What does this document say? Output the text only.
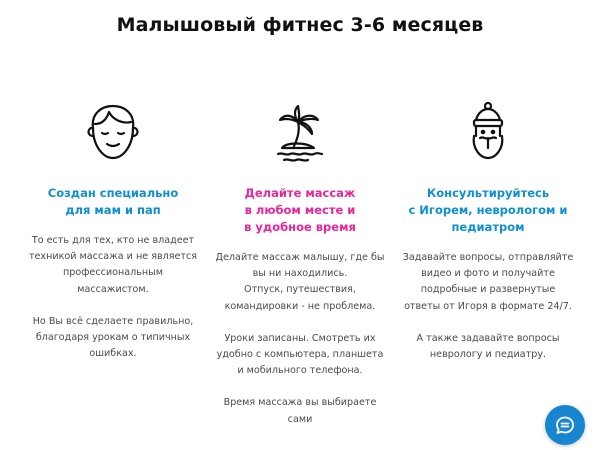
Малышовый фитнес 3-6 месяцев
Создан специально
для мам и пап
То есть для тех, кто не владеет
техникой массажа и не является
профессиональным
массажистом.
Но Вы всё сделаете правильно,
благодаря урокам о типичных
ошибках.
Делайте массаж
в любом месте и
в удобное время
Делайте массаж малышу, где бы
вы ни находились.
Отпуск, путешествия,
командировки - не проблема.
Уроки записаны. Смотреть их
удобно с компьютера, планшета
и мобильного телефона.
Время массажа вы выбираете
сами
Консультируйтесь
с Игорем, неврологом и
педиатром
Задавайте вопросы, отправляйте
видео и фото и получайте
подробные и развернутые
ответы от Игоря в формате 24/7.
А также задавайте вопросы
неврологу и педиатру.
